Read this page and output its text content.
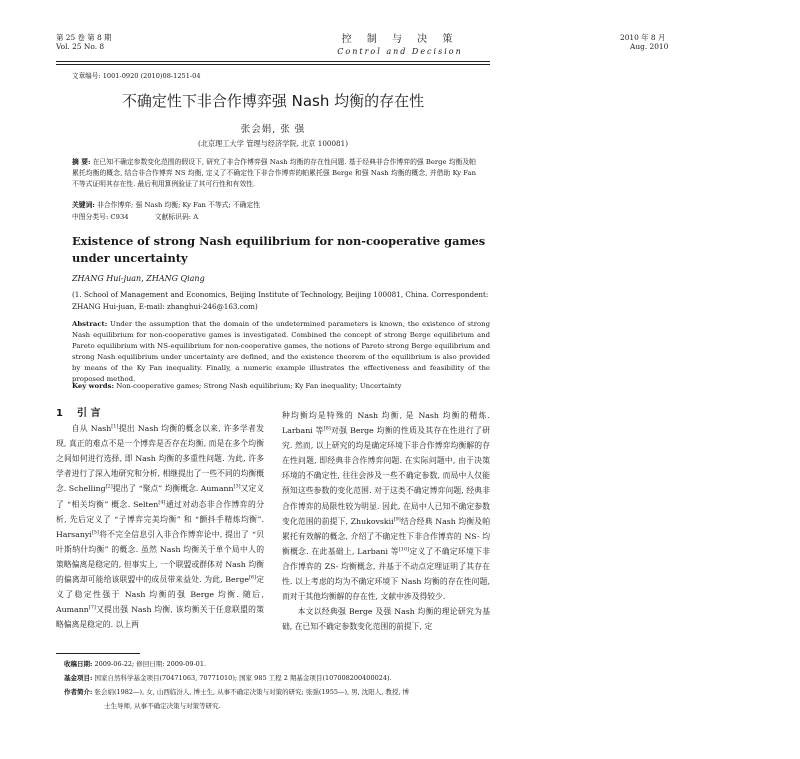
第 25 卷 第 8 期
Vol. 25 No. 8
控 制 与 决 策
Control and Decision
2010 年 8 月
Aug. 2010
文章编号: 1001-0920 (2010)08-1251-04
不确定性下非合作博弈强 Nash 均衡的存在性
张会娟, 张 强
(北京理工大学 管理与经济学院, 北京 100081)
摘 要: 在已知不确定参数变化范围的假设下, 研究了非合作博弈强 Nash 均衡的存在性问题. 基于经典非合作博弈的强 Berge 均衡及帕累托均衡的概念, 结合非合作博弈 NS 均衡, 定义了不确定性下非合作博弈的帕累托强 Berge 和强 Nash 均衡的概念, 并借助 Ky Fan 不等式证明其存在性. 最后利用算例验证了其可行性和有效性.
关键词: 非合作博弈; 强 Nash 均衡; Ky Fan 不等式; 不确定性
中图分类号: C934	文献标识码: A
Existence of strong Nash equilibrium for non-cooperative games under uncertainty
ZHANG Hui-juan, ZHANG Qiang
(1. School of Management and Economics, Beijing Institute of Technology, Beijing 100081, China. Correspondent: ZHANG Hui-juan, E-mail: zhanghui-246@163.com)
Abstract: Under the assumption that the domain of the undetermined parameters is known, the existence of strong Nash equilibrium for non-cooperative games is investigated. Combined the concept of strong Berge equilibrium and Pareto equilibrium with NS-equilibrium for non-cooperative games, the notions of Pareto strong Berge equilibrium and strong Nash equilibrium under uncertainty are defined, and the existence theorem of the equilibrium is also provided by means of the Ky Fan inequality. Finally, a numeric example illustrates the effectiveness and feasibility of the proposed method.
Key words: Non-cooperative games; Strong Nash equilibrium; Ky Fan inequality; Uncertainty
1 引 言
自从 Nash[1]提出 Nash 均衡的概念以来, 许多学者发现, 真正的难点不是一个博弈是否存在均衡, 而是在多个均衡之间如何进行选择, 即 Nash 均衡的多重性问题. 为此, 许多学者进行了深入地研究和分析, 相继提出了一些不同的均衡概念. Schelling[2]提出了 “聚点” 均衡概念. Aumann[3]又定义了 “相关均衡” 概念. Selten[4]通过对动态非合作博弈的分析, 先后定义了 “子博弈完美均衡” 和 “颤抖手精炼均衡”. Harsanyi[5]将不完全信息引入非合作博弈论中, 提出了 “贝叶斯纳什均衡” 的概念. 虽然 Nash 均衡关于单个局中人的策略偏离是稳定的, 但事实上, 一个联盟或群体对 Nash 均衡的偏离却可能给该联盟中的成员带来益处. 为此, Berge[6]定义了稳定性强于 Nash 均衡的强 Berge 均衡. 随后, Aumann[7]又提出强 Nash 均衡, 该均衡关于任意联盟的策略偏离是稳定的. 以上两
种均衡均是特殊的 Nash 均衡, 是 Nash 均衡的精炼. Larbani 等[8]对强 Berge 均衡的性质及其存在性进行了研究. 然而, 以上研究的均是确定环境下非合作博弈均衡解的存在性问题, 即经典非合作博弈问题. 在实际问题中, 由于决策环境的不确定性, 往往会涉及一些不确定参数, 而局中人仅能预知这些参数的变化范围. 对于这类不确定博弈问题, 经典非合作博弈的局限性较为明显. 因此, 在局中人已知不确定参数变化范围的前提下, Zhukovskii[9]结合经典 Nash 均衡及帕累托有效解的概念, 介绍了不确定性下非合作博弈的 NS- 均衡概念. 在此基础上, Larbani 等[10]定义了不确定环境下非合作博弈的 ZS- 均衡概念, 并基于不动点定理证明了其存在性. 以上考虑的均为不确定环境下 Nash 均衡的存在性问题, 而对于其他均衡解的存在性, 文献中涉及得较少.
本文以经典强 Berge 及强 Nash 均衡的理论研究为基础, 在已知不确定参数变化范围的前提下, 定
收稿日期: 2009-06-22; 修回日期: 2009-09-01.
基金项目: 国家自然科学基金项目(70471063, 70771010); 国家 985 工程 2 期基金项目(107008200400024).
作者简介: 张会娟(1982—), 女, 山西临汾人, 博士生, 从事不确定决策与对策的研究; 张强(1955—), 男, 沈阳人, 教授, 博
士生导师, 从事不确定决策与对策等研究.
